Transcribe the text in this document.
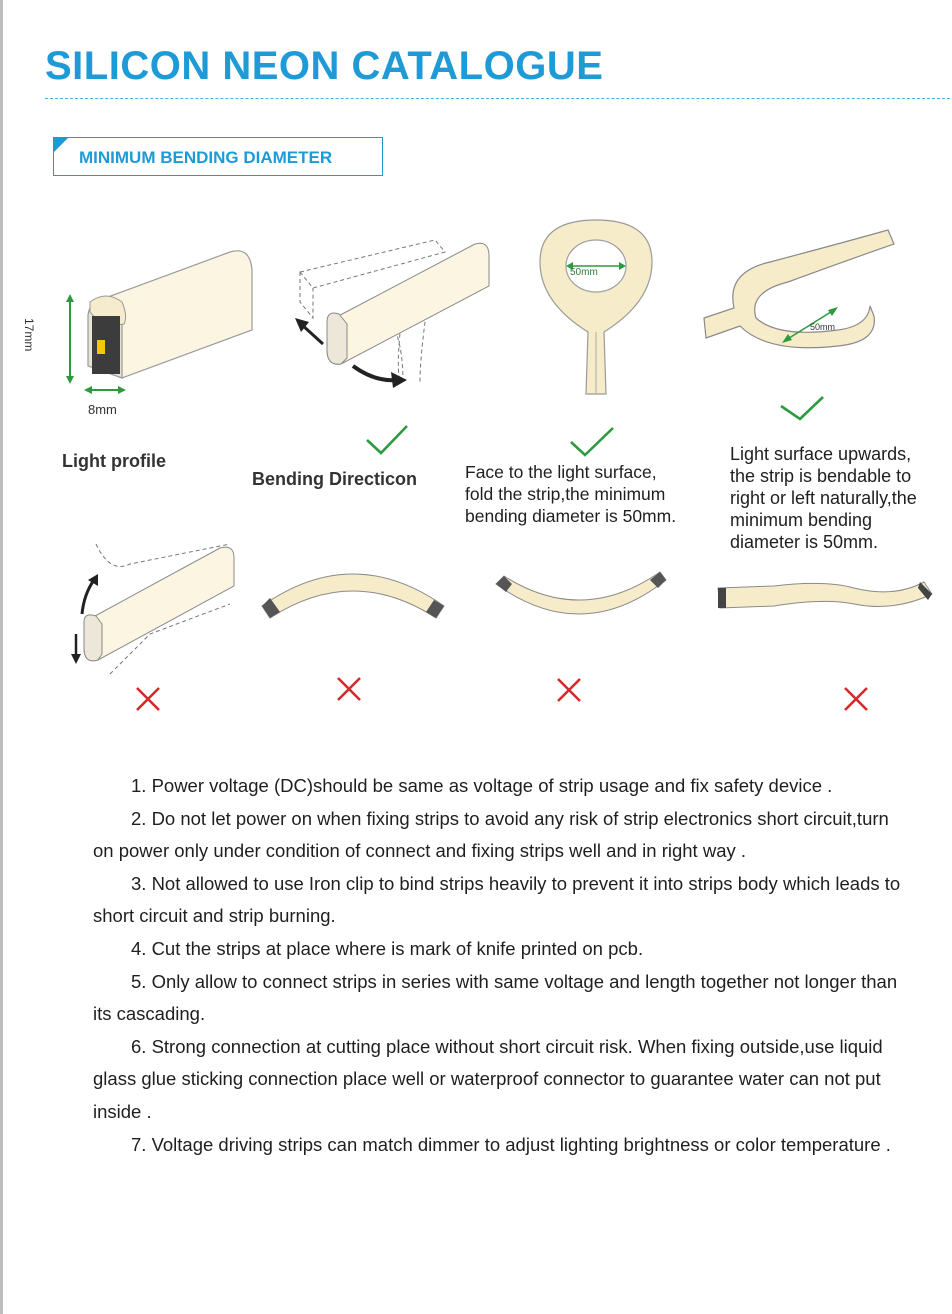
SILICON NEON CATALOGUE
MINIMUM BENDING DIAMETER
17mm
8mm
Light profile
Bending Directicon
50mm
Face to the light surface,
fold the strip,the minimum
bending diameter is 50mm.
50mm
Light surface upwards,
the strip is bendable to
right or left naturally,the
minimum bending
diameter is 50mm.

1. Power voltage (DC)should be same as voltage of strip usage and fix safety device .

2. Do not let power on when fixing strips to avoid any risk of strip electronics short circuit,turn on power only under condition of connect and fixing strips well and in right way .

3. Not allowed to use Iron clip to bind strips heavily to prevent it into strips body which leads to short circuit and strip burning.

4. Cut the strips at place where is mark of knife printed on pcb.

5. Only allow to connect strips in series with same voltage and length together not longer than its cascading.

6. Strong connection at cutting place without short circuit risk. When fixing outside,use liquid glass glue sticking connection place well or waterproof connector to guarantee water can not put inside .

7. Voltage driving strips can match dimmer to adjust lighting brightness or color temperature .
